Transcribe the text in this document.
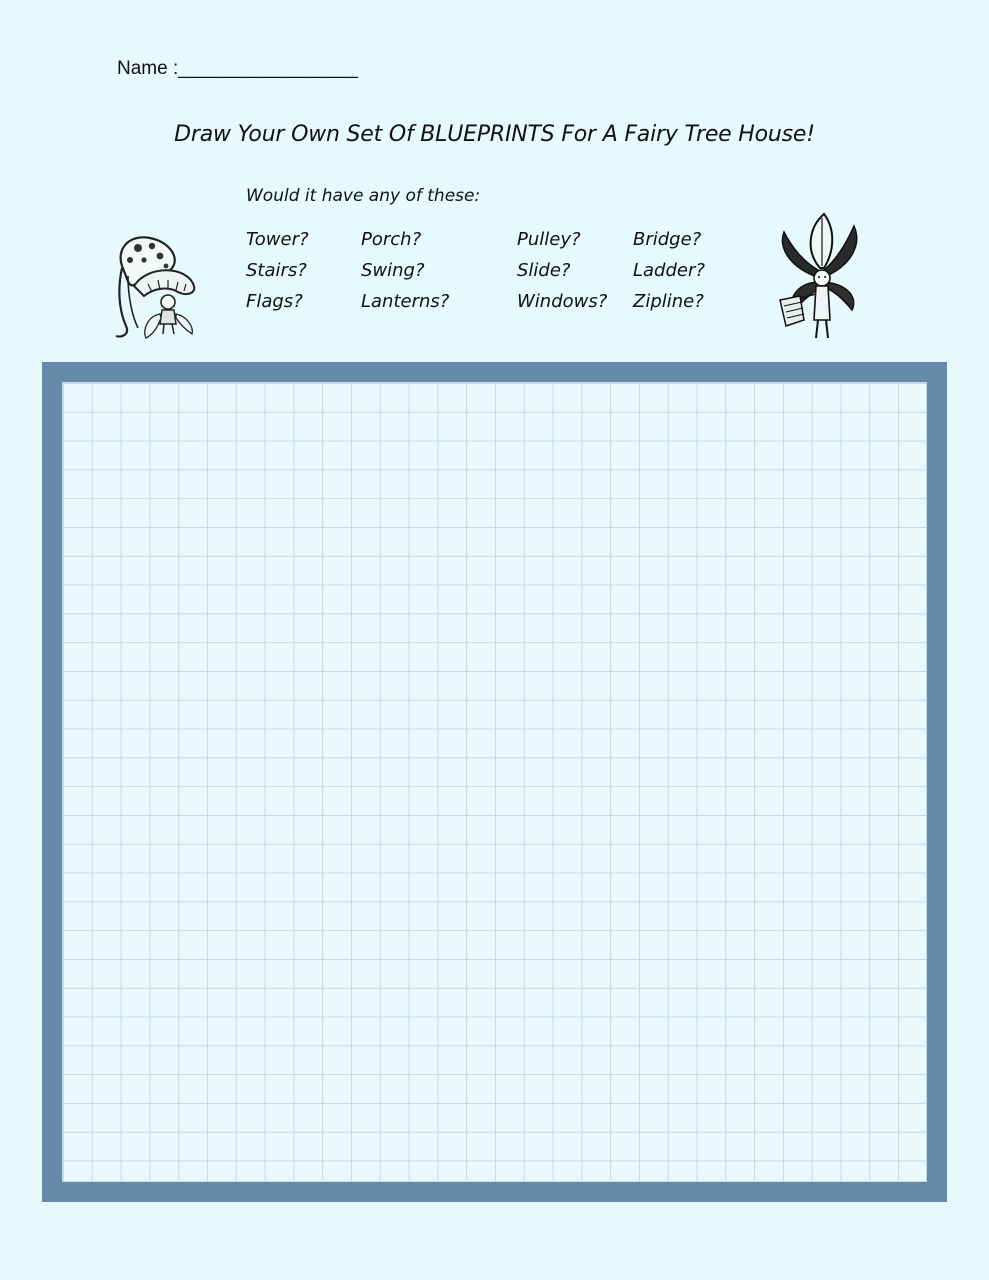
Name :_________________
Draw Your Own Set Of BLUEPRINTS For A Fairy Tree House!
Would it have any of these:
Tower?
Stairs?
Flags?
Porch?
Swing?
Lanterns?
Pulley?
Slide?
Windows?
Bridge?
Ladder?
Zipline?
